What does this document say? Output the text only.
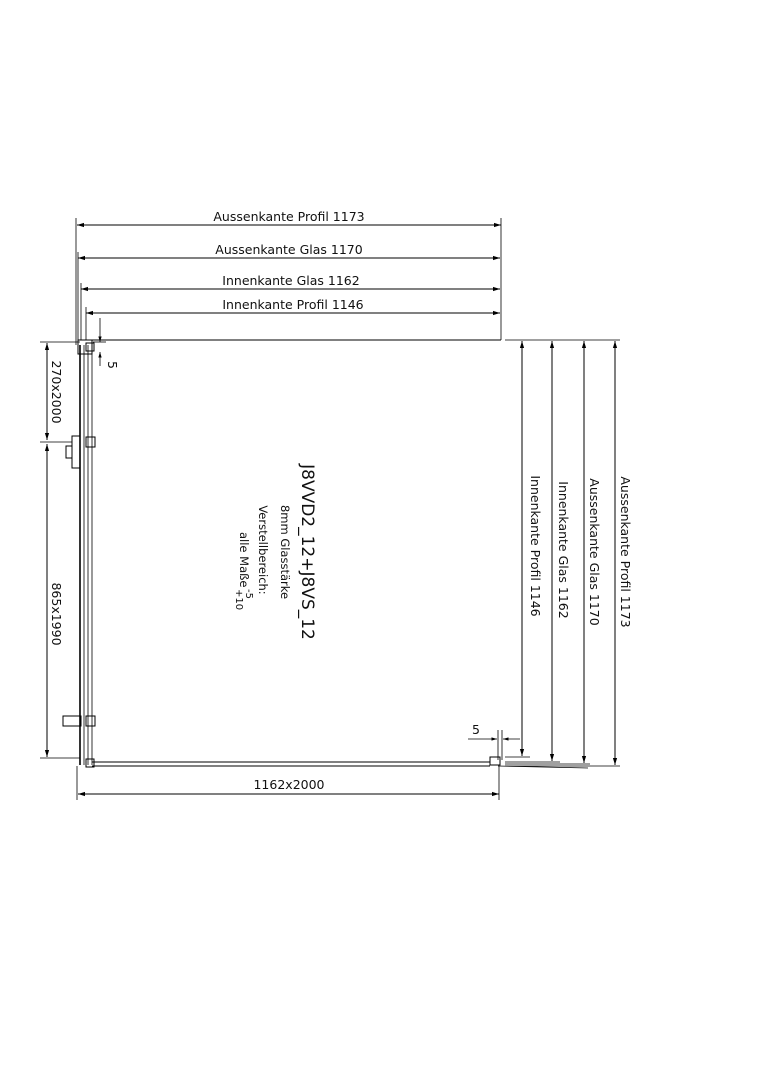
Aussenkante Profil 1173
Aussenkante Glas 1170
Innenkante Glas 1162
Innenkante Profil 1146
5
270x2000
865x1990
1162x2000
5
Innenkante Profil 1146 Innenkante Glas 1162 Aussenkante Glas 1170 Aussenkante Profil 1173
J8VVD2_12+J8VS_12
8mm Glasstärke
Verstellbereich:
alle Maße
-5
+10
